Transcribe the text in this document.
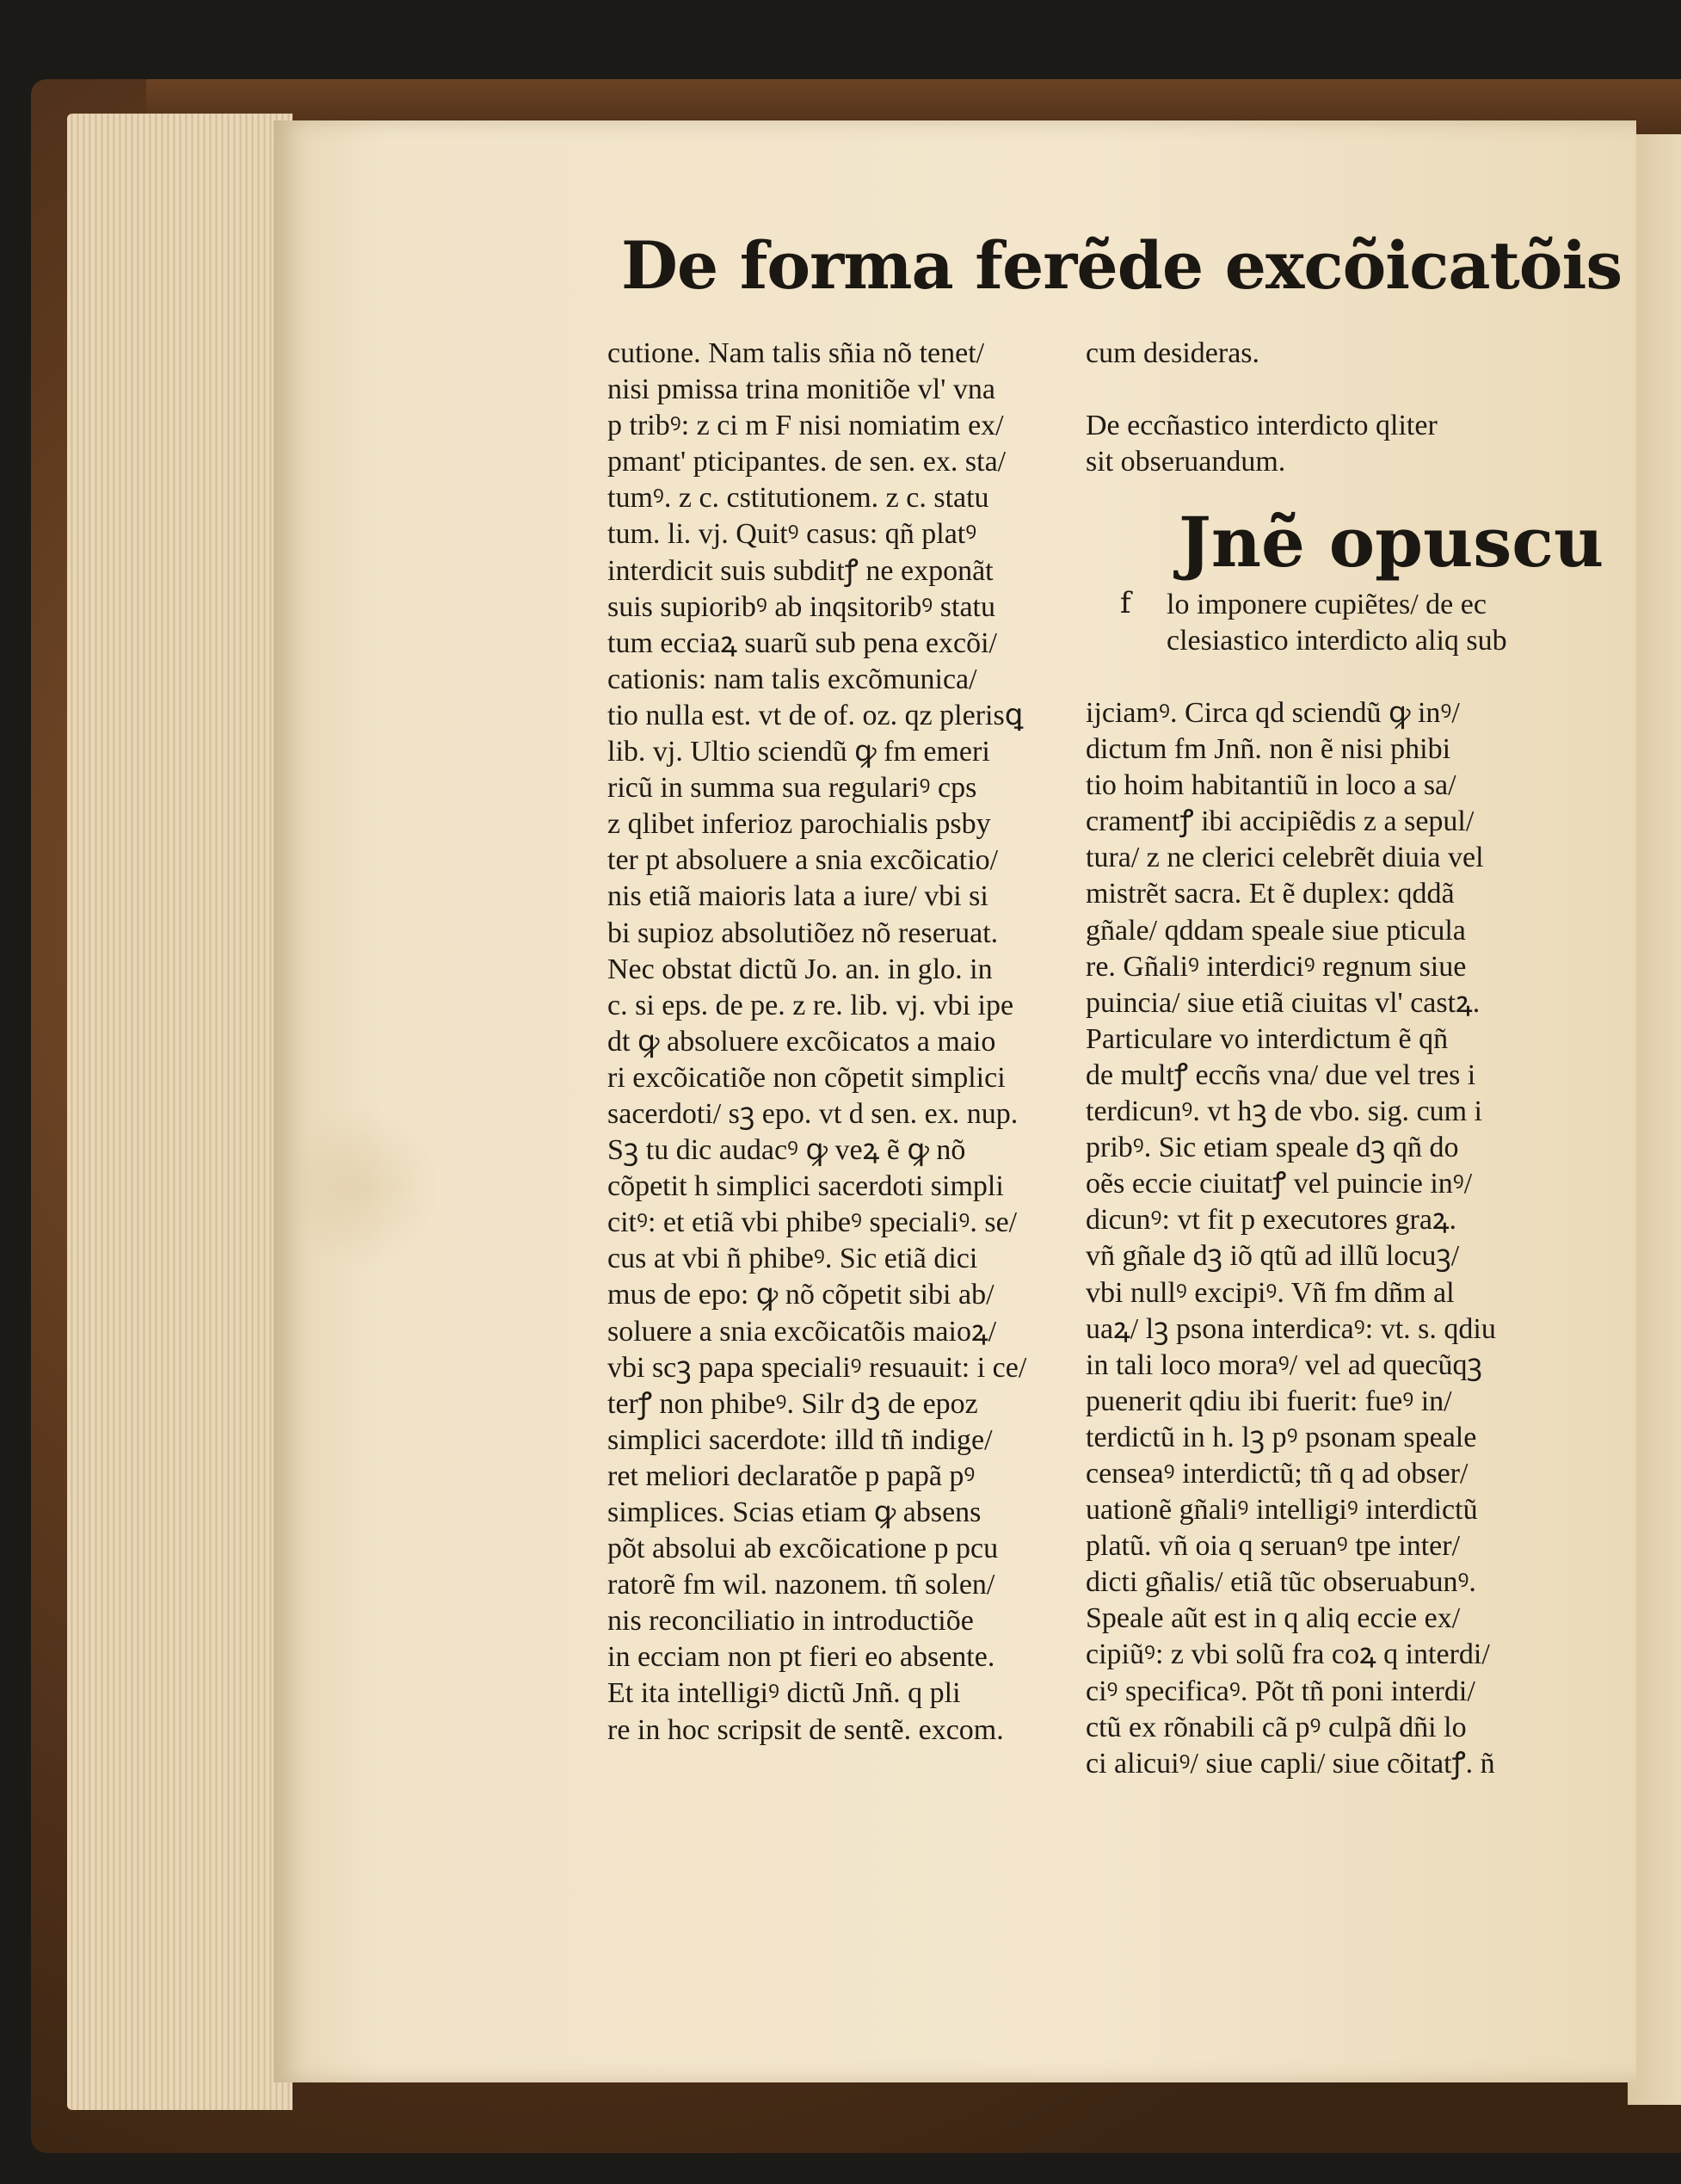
De forma ferẽde excõicatõis
cutione. Nam talis sñia nõ tenet/
nisi pmissa trina monitiõe vl' vna
p tribꝰ: z ci m F nisi nomiatim ex/
pmant' pticipantes. de sen. ex. sta/
tumꝰ. z c. cstitutionem. z c. statu
tum. li. vj. Quitꝰ casus: qñ platꝰ
interdicit suis subditꝭ ne exponãt
suis supioribꝰ ab inqsitoribꝰ statu
tum ecciaꝝ suarũ sub pena excõi/
cationis: nam talis excõmunica/
tio nulla est. vt de of. oz. qz plerisꝗ
lib. vj. Ultio sciendũ ꝙ fm emeri
ricũ in summa sua regulariꝰ cps
z qlibet inferioz parochialis psby
ter pt absoluere a snia excõicatio/
nis etiã maioris lata a iure/ vbi si
bi supioz absolutiõez nõ reseruat.
Nec obstat dictũ Jo. an. in glo. in
c. si eps. de pe. z re. lib. vj. vbi ipe
dt ꝙ absoluere excõicatos a maio
ri excõicatiõe non cõpetit simplici
sacerdoti/ sꝫ epo. vt d sen. ex. nup.
Sꝫ tu dic audacꝰ ꝙ veꝝ ẽ ꝙ nõ
cõpetit h simplici sacerdoti simpli
citꝰ: et etiã vbi phibeꝰ specialiꝰ. se/
cus at vbi ñ phibeꝰ. Sic etiã dici
mus de epo: ꝙ nõ cõpetit sibi ab/
soluere a snia excõicatõis maioꝝ/
vbi scꝫ papa specialiꝰ resuauit: i ce/
terꝭ non phibeꝰ. Silr dꝫ de epoz
simplici sacerdote: illd tñ indige/
ret meliori declaratõe p papã pꝰ
simplices. Scias etiam ꝙ absens
põt absolui ab excõicatione p pcu
ratorẽ fm wil. nazonem. tñ solen/
nis reconciliatio in introductiõe
in ecciam non pt fieri eo absente.
Et ita intelligiꝰ dictũ Jnñ. q pli
re in hoc scripsit de sentẽ. excom.
cum desideras.

De eccñastico interdicto qliter
sit obseruandum.

Jnẽ opuscu

f lo imponere cupiẽtes/ de ec
clesiastico interdicto aliq sub
ijciamꝰ. Circa qd sciendũ ꝙ inꝰ/
dictum fm Jnñ. non ẽ nisi phibi
tio hoim habitantiũ in loco a sa/
cramentꝭ ibi accipiẽdis z a sepul/
tura/ z ne clerici celebrẽt diuia vel
mistrẽt sacra. Et ẽ duplex: qddã
gñale/ qddam speale siue pticula
re. Gñaliꝰ interdiciꝰ regnum siue
puincia/ siue etiã ciuitas vl' castꝝ.
Particulare vo interdictum ẽ qñ
de multꝭ eccñs vna/ due vel tres i
terdicunꝰ. vt hꝫ de vbo. sig. cum i
pribꝰ. Sic etiam speale dꝫ qñ do
oẽs eccie ciuitatꝭ vel puincie inꝰ/
dicunꝰ: vt fit p executores graꝝ.
vñ gñale dꝫ iõ qtũ ad illũ locuꝫ/
vbi nullꝰ excipiꝰ. Vñ fm dñm al
uaꝝ/ lꝫ psona interdicaꝰ: vt. s. qdiu
in tali loco moraꝰ/ vel ad quecũqꝫ
puenerit qdiu ibi fuerit: fueꝰ in/
terdictũ in h. lꝫ pꝰ psonam speale
censeaꝰ interdictũ; tñ q ad obser/
uationẽ gñaliꝰ intelligiꝰ interdictũ
platũ. vñ oia q seruanꝰ tpe inter/
dicti gñalis/ etiã tũc obseruabunꝰ.
Speale aũt est in q aliq eccie ex/
cipiũꝰ: z vbi solũ fra coꝝ q interdi/
ciꝰ specificaꝰ. Põt tñ poni interdi/
ctũ ex rõnabili cã pꝰ culpã dñi lo
ci alicuiꝰ/ siue capli/ siue cõitatꝭ. ñ
